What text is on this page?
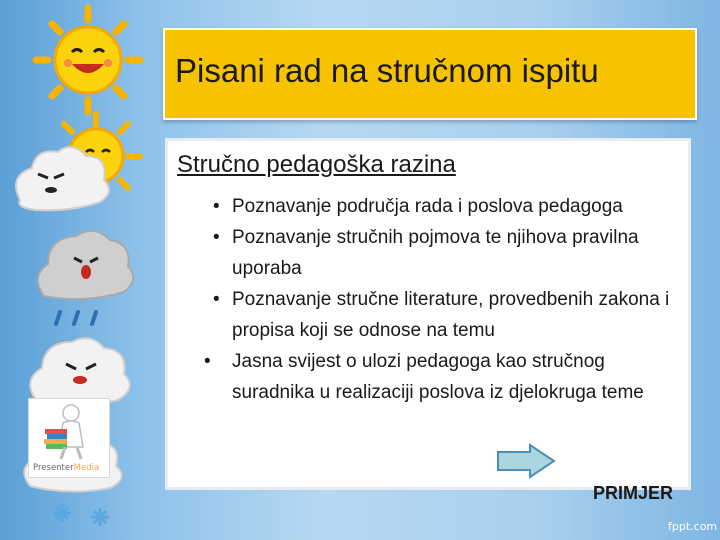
Pisani rad na stručnom ispitu
Stručno pedagoška razina
• Poznavanje područja rada i poslova pedagoga
• Poznavanje stručnih pojmova te njihova pravilna uporaba
• Poznavanje stručne literature, provedbenih zakona i propisa koji se odnose na temu
• Jasna svijest o ulozi pedagoga kao stručnog suradnika u realizaciji poslova iz djelokruga teme
PRIMJER
PresenterMedia
fppt.com
